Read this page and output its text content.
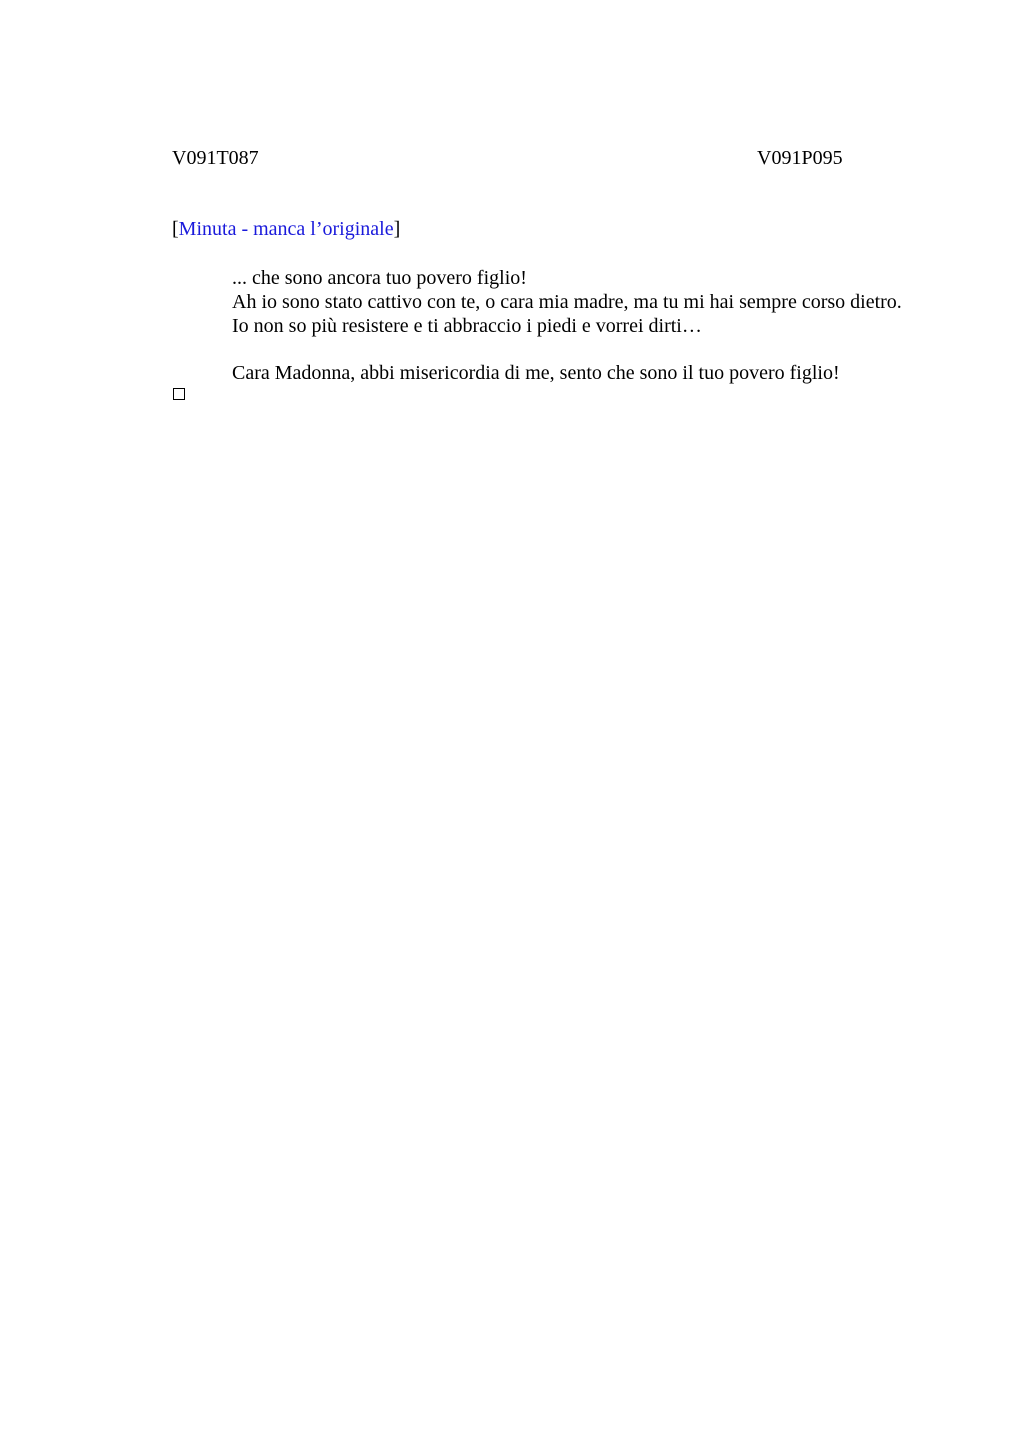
V091T087	V091P095
[Minuta - manca l’originale]
... che sono ancora tuo povero figlio!
Ah io sono stato cattivo con te, o cara mia madre, ma tu mi hai sempre corso dietro.
Io non so più resistere e ti abbraccio i piedi e vorrei dirti…
Cara Madonna, abbi misericordia di me, sento che sono il tuo povero figlio!
